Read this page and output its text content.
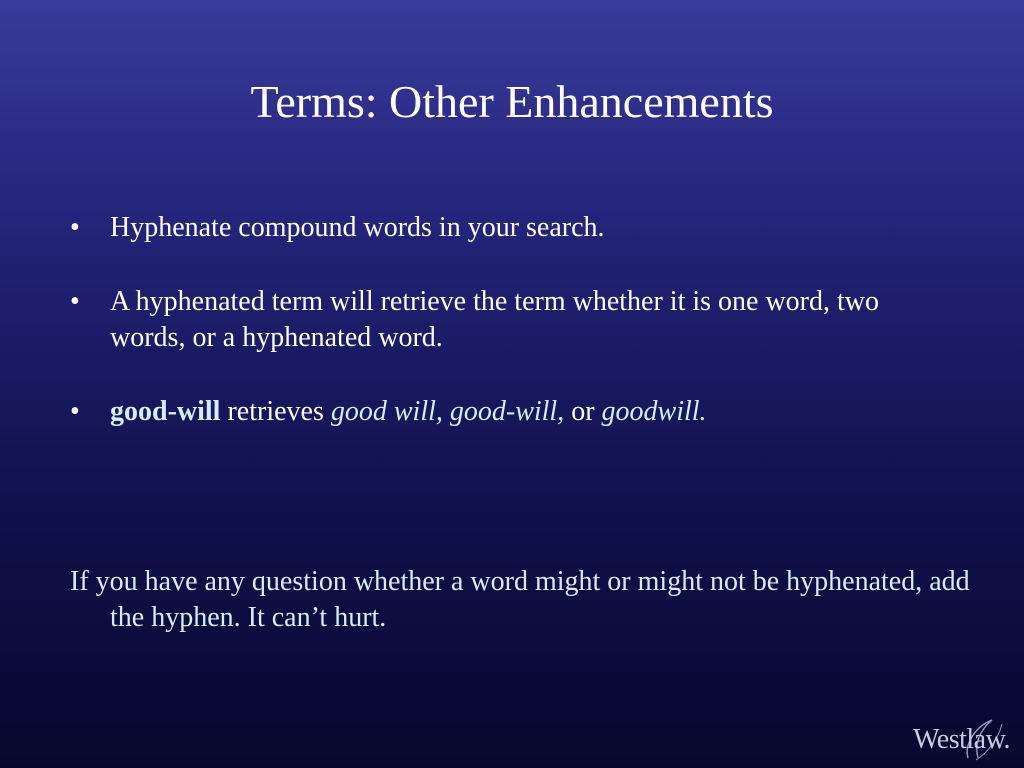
Terms: Other Enhancements
•	Hyphenate compound words in your search.
•	A hyphenated term will retrieve the term whether it is one word, two words, or a hyphenated word.
•	good-will retrieves good will, good-will, or goodwill.

If you have any question whether a word might or might not be hyphenated, add the hyphen. It can’t hurt.

Westlaw.
